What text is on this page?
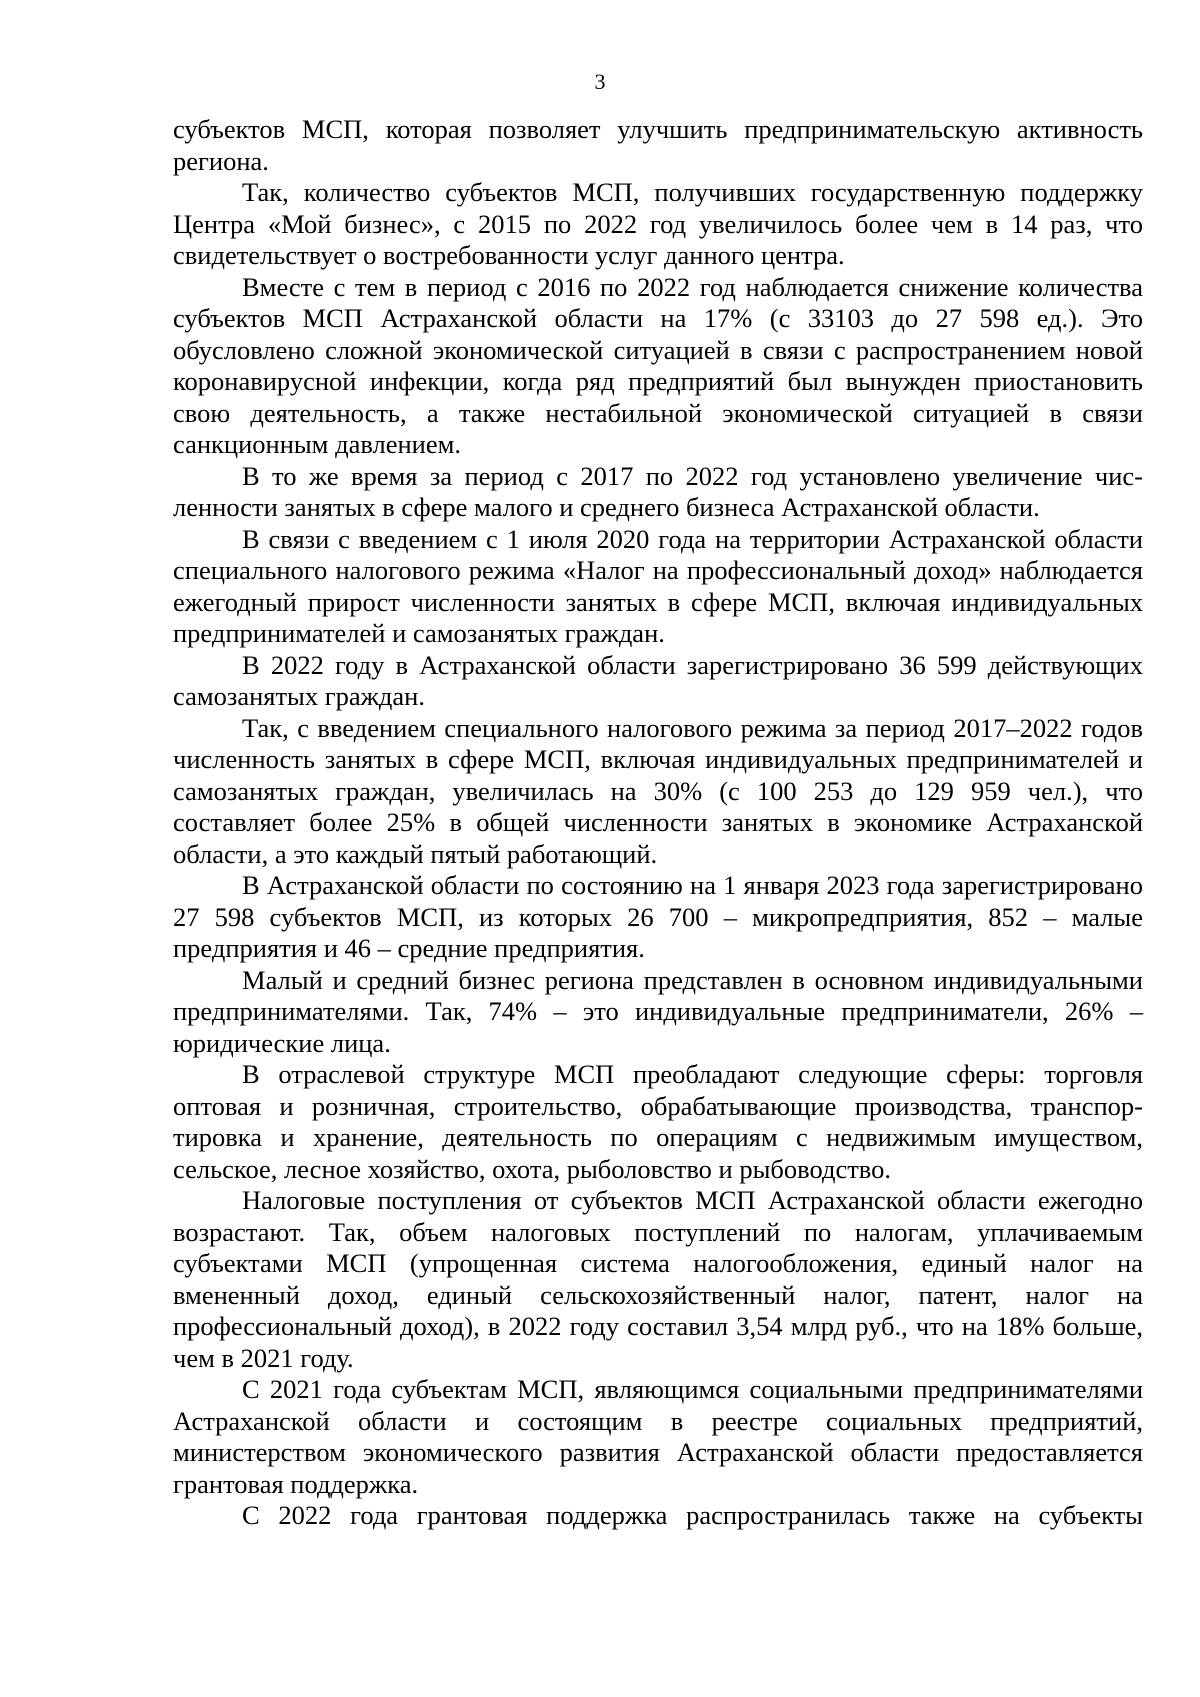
3

субъектов МСП, которая позволяет улучшить предпринимательскую активность региона.

Так, количество субъектов МСП, получивших государственную поддержку Центра «Мой бизнес», с 2015 по 2022 год увеличилось более чем в 14 раз, что свидетельствует о востребованности услуг данного центра.

Вместе с тем в период с 2016 по 2022 год наблюдается снижение количества субъектов МСП Астраханской области на 17% (с 33103 до 27 598 ед.). Это обусловлено сложной экономической ситуацией в связи с распространением новой коронавирусной инфекции, когда ряд предприятий был вынужден приостановить свою деятельность, а также нестабильной экономической ситуацией в связи санкционным давлением.

В то же время за период с 2017 по 2022 год установлено увеличение численности занятых в сфере малого и среднего бизнеса Астраханской области.

В связи с введением с 1 июля 2020 года на территории Астраханской области специального налогового режима «Налог на профессиональный доход» наблюдается ежегодный прирост численности занятых в сфере МСП, включая индивидуальных предпринимателей и самозанятых граждан.

В 2022 году в Астраханской области зарегистрировано 36 599 действующих самозанятых граждан.

Так, с введением специального налогового режима за период 2017–2022 годов численность занятых в сфере МСП, включая индивидуальных предпринимателей и самозанятых граждан, увеличилась на 30% (с 100 253 до 129 959 чел.), что составляет более 25% в общей численности занятых в экономике Астраханской области, а это каждый пятый работающий.

В Астраханской области по состоянию на 1 января 2023 года зарегистрировано 27 598 субъектов МСП, из которых 26 700 – микропредприятия, 852 – малые предприятия и 46 – средние предприятия.

Малый и средний бизнес региона представлен в основном индивидуальными предпринимателями. Так, 74% – это индивидуальные предприниматели, 26% – юридические лица.

В отраслевой структуре МСП преобладают следующие сферы: торговля оптовая и розничная, строительство, обрабатывающие производства, транспортировка и хранение, деятельность по операциям с недвижимым имуществом, сельское, лесное хозяйство, охота, рыболовство и рыбоводство.

Налоговые поступления от субъектов МСП Астраханской области ежегодно возрастают. Так, объем налоговых поступлений по налогам, уплачиваемым субъектами МСП (упрощенная система налогообложения, единый налог на вмененный доход, единый сельскохозяйственный налог, патент, налог на профессиональный доход), в 2022 году составил 3,54 млрд руб., что на 18% больше, чем в 2021 году.

С 2021 года субъектам МСП, являющимся социальными предпринимателями Астраханской области и состоящим в реестре социальных предприятий, министерством экономического развития Астраханской области предоставляется грантовая поддержка.

С 2022 года грантовая поддержка распространилась также на субъекты
